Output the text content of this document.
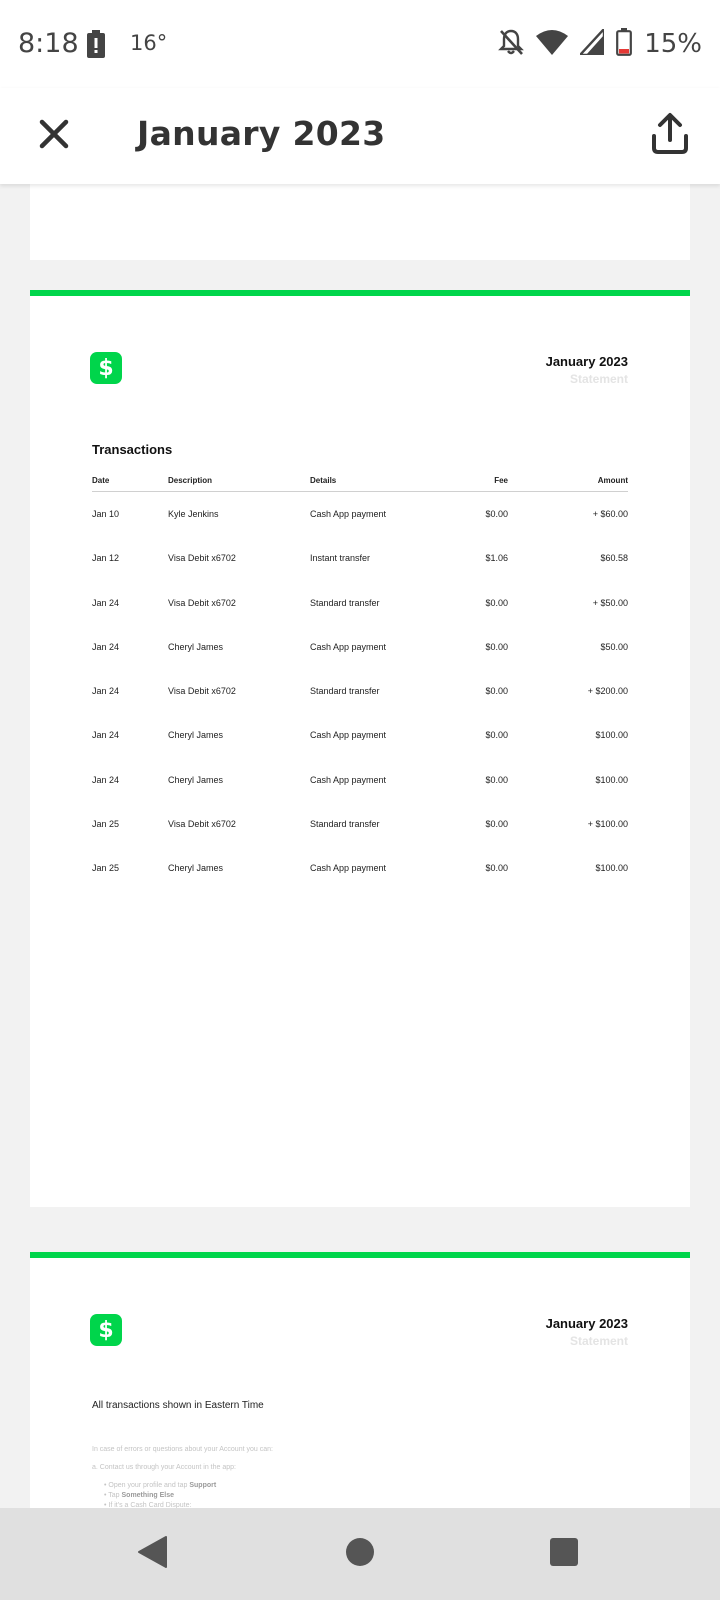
8:18 16°	15%
January 2023
$	January 2023
Statement
Transactions
Date	Description	Details	Fee	Amount
Jan 10	Kyle Jenkins	Cash App payment	$0.00	+ $60.00
Jan 12	Visa Debit x6702	Instant transfer	$1.06	$60.58
Jan 24	Visa Debit x6702	Standard transfer	$0.00	+ $50.00
Jan 24	Cheryl James	Cash App payment	$0.00	$50.00
Jan 24	Visa Debit x6702	Standard transfer	$0.00	+ $200.00
Jan 24	Cheryl James	Cash App payment	$0.00	$100.00
Jan 24	Cheryl James	Cash App payment	$0.00	$100.00
Jan 25	Visa Debit x6702	Standard transfer	$0.00	+ $100.00
Jan 25	Cheryl James	Cash App payment	$0.00	$100.00
$	January 2023
Statement
All transactions shown in Eastern Time
In case of errors or questions about your Account you can:
a. Contact us through your Account in the app:
• Open your profile and tap Support
• Tap Something Else
• If it's a Cash Card Dispute:
